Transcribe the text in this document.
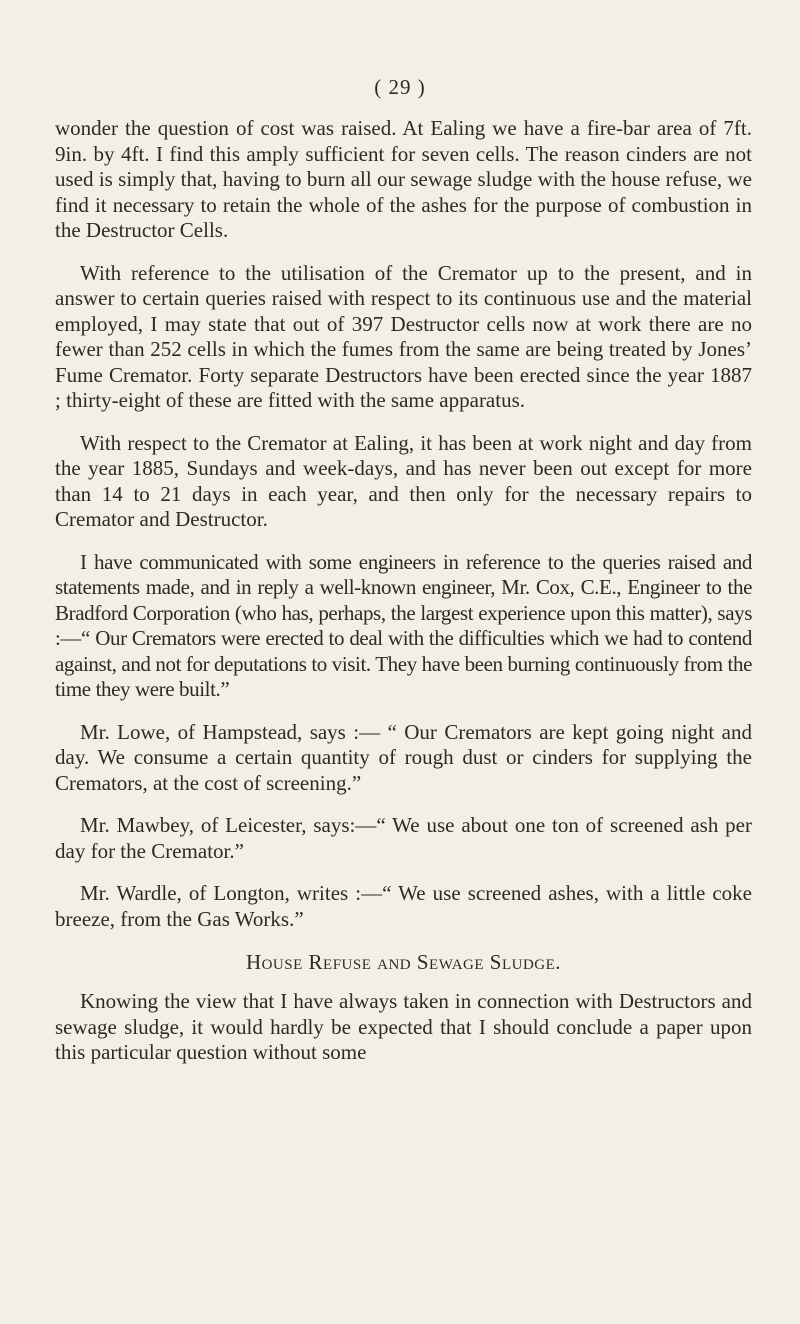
( 29 )

wonder the question of cost was raised. At Ealing we have a fire-bar area of 7ft. 9in. by 4ft. I find this amply sufficient for seven cells. The reason cinders are not used is simply that, having to burn all our sewage sludge with the house refuse, we find it necessary to retain the whole of the ashes for the purpose of combustion in the Destructor Cells.

With reference to the utilisation of the Cremator up to the present, and in answer to certain queries raised with respect to its continuous use and the material employed, I may state that out of 397 Destructor cells now at work there are no fewer than 252 cells in which the fumes from the same are being treated by Jones’ Fume Cremator. Forty separate Destructors have been erected since the year 1887 ; thirty-eight of these are fitted with the same apparatus.

With respect to the Cremator at Ealing, it has been at work night and day from the year 1885, Sundays and week-days, and has never been out except for more than 14 to 21 days in each year, and then only for the necessary repairs to Cremator and Destructor.

I have communicated with some engineers in reference to the queries raised and statements made, and in reply a well-known engineer, Mr. Cox, C.E., Engineer to the Bradford Corporation (who has, perhaps, the largest experience upon this matter), says :—“ Our Cremators were erected to deal with the difficulties which we had to contend against, and not for deputations to visit. They have been burning continuously from the time they were built.”

Mr. Lowe, of Hampstead, says :— “ Our Cremators are kept going night and day. We consume a certain quantity of rough dust or cinders for supplying the Cremators, at the cost of screening.”

Mr. Mawbey, of Leicester, says:—“ We use about one ton of screened ash per day for the Cremator.”

Mr. Wardle, of Longton, writes :—“ We use screened ashes, with a little coke breeze, from the Gas Works.”

House Refuse and Sewage Sludge.

Knowing the view that I have always taken in connection with Destructors and sewage sludge, it would hardly be expected that I should conclude a paper upon this particular question without some
